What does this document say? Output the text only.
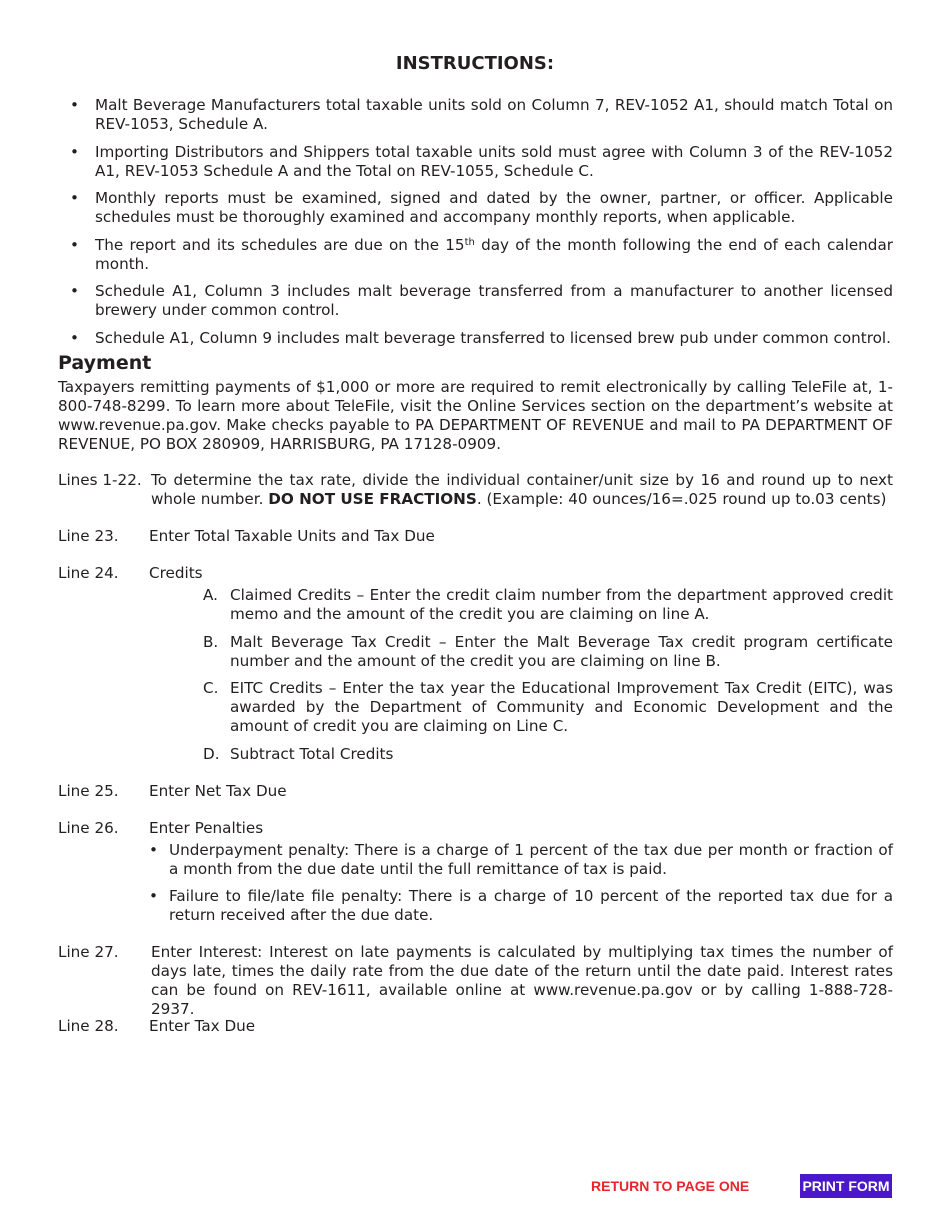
INSTRUCTIONS:
• Malt Beverage Manufacturers total taxable units sold on Column 7, REV-1052 A1, should match Total on REV-1053, Schedule A.
• Importing Distributors and Shippers total taxable units sold must agree with Column 3 of the REV-1052 A1, REV-1053 Schedule A and the Total on REV-1055, Schedule C.
• Monthly reports must be examined, signed and dated by the owner, partner, or officer. Applicable schedules must be thoroughly examined and accompany monthly reports, when applicable.
• The report and its schedules are due on the 15th day of the month following the end of each calendar month.
• Schedule A1, Column 3 includes malt beverage transferred from a manufacturer to another licensed brewery under common control.
• Schedule A1, Column 9 includes malt beverage transferred to licensed brew pub under common control.
Payment
Taxpayers remitting payments of $1,000 or more are required to remit electronically by calling TeleFile at, 1-800-748-8299. To learn more about TeleFile, visit the Online Services section on the department’s website at www.revenue.pa.gov. Make checks payable to PA DEPARTMENT OF REVENUE and mail to PA DEPARTMENT OF REVENUE, PO BOX 280909, HARRISBURG, PA 17128-0909.
Lines 1-22. To determine the tax rate, divide the individual container/unit size by 16 and round up to next whole number. DO NOT USE FRACTIONS. (Example: 40 ounces/16=.025 round up to.03 cents)
Line 23. Enter Total Taxable Units and Tax Due
Line 24. Credits
A. Claimed Credits – Enter the credit claim number from the department approved credit memo and the amount of the credit you are claiming on line A.
B. Malt Beverage Tax Credit – Enter the Malt Beverage Tax credit program certificate number and the amount of the credit you are claiming on line B.
C. EITC Credits – Enter the tax year the Educational Improvement Tax Credit (EITC), was awarded by the Department of Community and Economic Development and the amount of credit you are claiming on Line C.
D. Subtract Total Credits
Line 25. Enter Net Tax Due
Line 26. Enter Penalties
• Underpayment penalty: There is a charge of 1 percent of the tax due per month or fraction of a month from the due date until the full remittance of tax is paid.
• Failure to file/late file penalty: There is a charge of 10 percent of the reported tax due for a return received after the due date.
Line 27. Enter Interest: Interest on late payments is calculated by multiplying tax times the number of days late, times the daily rate from the due date of the return until the date paid. Interest rates can be found on REV-1611, available online at www.revenue.pa.gov or by calling 1-888-728-2937.
Line 28. Enter Tax Due
RETURN TO PAGE ONE	PRINT FORM
